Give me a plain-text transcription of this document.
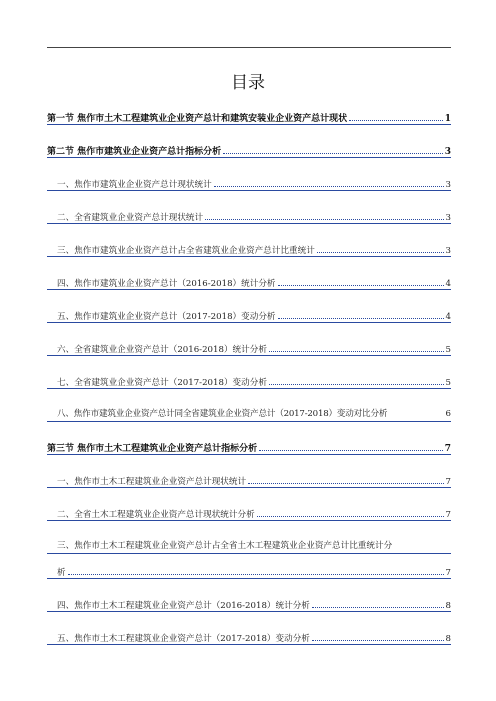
目录
第一节 焦作市土木工程建筑业企业资产总计和建筑安装业企业资产总计现状	1
第二节 焦作市建筑业企业资产总计指标分析	3
一、焦作市建筑业企业资产总计现状统计	3
二、全省建筑业企业资产总计现状统计	3
三、焦作市建筑业企业资产总计占全省建筑业企业资产总计比重统计	3
四、焦作市建筑业企业资产总计（2016-2018）统计分析	4
五、焦作市建筑业企业资产总计（2017-2018）变动分析	4
六、全省建筑业企业资产总计（2016-2018）统计分析	5
七、全省建筑业企业资产总计（2017-2018）变动分析	5
八、焦作市建筑业企业资产总计同全省建筑业企业资产总计（2017-2018）变动对比分析	6
第三节 焦作市土木工程建筑业企业资产总计指标分析	7
一、焦作市土木工程建筑业企业资产总计现状统计	7
二、全省土木工程建筑业企业资产总计现状统计分析	7
三、焦作市土木工程建筑业企业资产总计占全省土木工程建筑业企业资产总计比重统计分
析	7
四、焦作市土木工程建筑业企业资产总计（2016-2018）统计分析	8
五、焦作市土木工程建筑业企业资产总计（2017-2018）变动分析	8
